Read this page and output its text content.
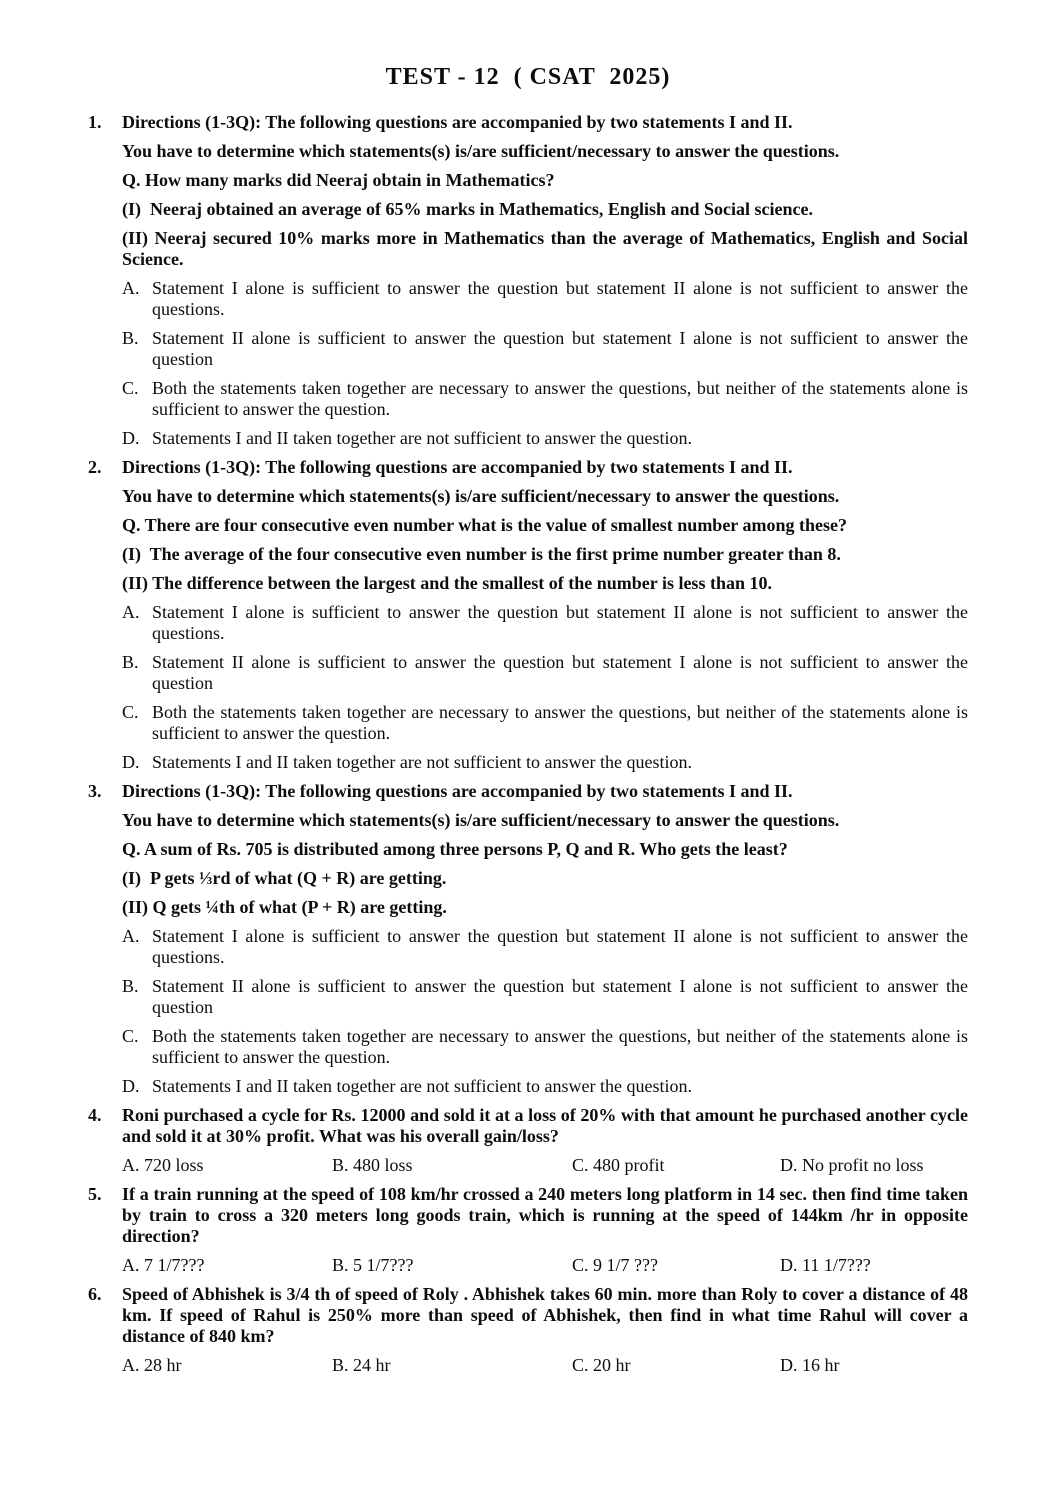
TEST - 12  ( CSAT  2025)
1.	Directions (1-3Q): The following questions are accompanied by two statements I and II.

You have to determine which statements(s) is/are sufficient/necessary to answer the questions.

Q. How many marks did Neeraj obtain in Mathematics?

(I)  Neeraj obtained an average of 65% marks in Mathematics, English and Social science.

(II) Neeraj secured 10% marks more in Mathematics than the average of Mathematics, English and Social Science.

A. Statement I alone is sufficient to answer the question but statement II alone is not sufficient to answer the questions.
B. Statement II alone is sufficient to answer the question but statement I alone is not sufficient to answer the question
C. Both the statements taken together are necessary to answer the questions, but neither of the statements alone is sufficient to answer the question.
D. Statements I and II taken together are not sufficient to answer the question.
2.	Directions (1-3Q): The following questions are accompanied by two statements I and II.

You have to determine which statements(s) is/are sufficient/necessary to answer the questions.

Q. There are four consecutive even number what is the value of smallest number among these?

(I)  The average of the four consecutive even number is the first prime number greater than 8.

(II) The difference between the largest and the smallest of the number is less than 10.

A. Statement I alone is sufficient to answer the question but statement II alone is not sufficient to answer the questions.
B. Statement II alone is sufficient to answer the question but statement I alone is not sufficient to answer the question
C. Both the statements taken together are necessary to answer the questions, but neither of the statements alone is sufficient to answer the question.
D. Statements I and II taken together are not sufficient to answer the question.
3.	Directions (1-3Q): The following questions are accompanied by two statements I and II.

You have to determine which statements(s) is/are sufficient/necessary to answer the questions.

Q. A sum of Rs. 705 is distributed among three persons P, Q and R. Who gets the least?

(I)  P gets ⅓rd of what (Q + R) are getting.

(II) Q gets ¼th of what (P + R) are getting.

A. Statement I alone is sufficient to answer the question but statement II alone is not sufficient to answer the questions.
B. Statement II alone is sufficient to answer the question but statement I alone is not sufficient to answer the question
C. Both the statements taken together are necessary to answer the questions, but neither of the statements alone is sufficient to answer the question.
D. Statements I and II taken together are not sufficient to answer the question.
4.	Roni purchased a cycle for Rs. 12000 and sold it at a loss of 20% with that amount he purchased another cycle and sold it at 30% profit. What was his overall gain/loss?

A. 720 loss	B. 480 loss	C. 480 profit	D. No profit no loss
5.	If a train running at the speed of 108 km/hr crossed a 240 meters long platform in 14 sec. then find time taken by train to cross a 320 meters long goods train, which is running at the speed of 144km /hr in opposite direction?

A. 7 1/7???	B. 5 1/7???	C. 9 1/7 ???	D. 11 1/7???
6.	Speed of Abhishek is 3/4 th of speed of Roly . Abhishek takes 60 min. more than Roly to cover a distance of 48 km. If speed of Rahul is 250% more than speed of Abhishek, then find in what time Rahul will cover a distance of 840 km?

A. 28 hr	B. 24 hr	C. 20 hr	D. 16 hr
